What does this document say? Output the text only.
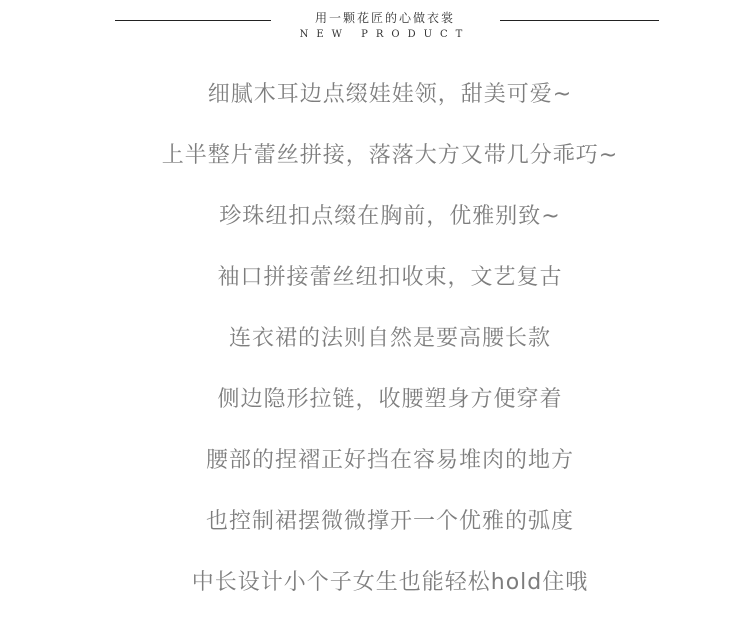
用一颗花匠的心做衣裳
NEW PRODUCT
细腻木耳边点缀娃娃领，甜美可爱~
上半整片蕾丝拼接，落落大方又带几分乖巧~
珍珠纽扣点缀在胸前，优雅别致~
袖口拼接蕾丝纽扣收束，文艺复古
连衣裙的法则自然是要高腰长款
侧边隐形拉链，收腰塑身方便穿着
腰部的捏褶正好挡在容易堆肉的地方
也控制裙摆微微撑开一个优雅的弧度
中长设计小个子女生也能轻松hold住哦
